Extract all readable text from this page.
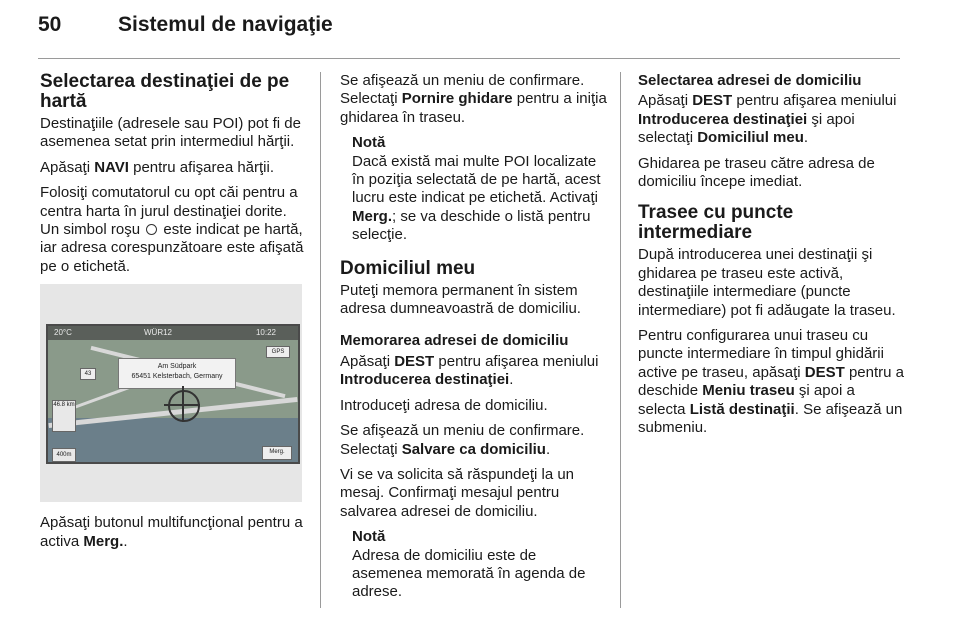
50	Sistemul de navigaţie
Selectarea destinaţiei de pe hartă

Destinaţiile (adresele sau POI) pot fi de asemenea setat prin intermediul hărţii.

Apăsaţi NAVI pentru afişarea hărţii.

Folosiţi comutatorul cu opt căi pentru a centra harta în jurul destinaţiei dorite. Un simbol roşu  este indicat pe hartă, iar adresa corespunzătoare este afişată pe o etichetă.

20°C	WÜR12	10:22
Am Südpark
65451 Kelsterbach, Germany
GPS
43
46.8 km
400m	Merg.

Apăsaţi butonul multifuncţional pentru a activa Merg..

Se afişează un meniu de confirmare. Selectaţi Pornire ghidare pentru a iniţia ghidarea în traseu.

Notă
Dacă există mai multe POI localizate în poziţia selectată de pe hartă, acest lucru este indicat pe etichetă. Activaţi Merg.; se va deschide o listă pentru selecţie.
Domiciliul meu

Puteţi memora permanent în sistem adresa dumneavoastră de domiciliu.

Memorarea adresei de domiciliu

Apăsaţi DEST pentru afişarea meniului Introducerea destinaţiei.

Introduceţi adresa de domiciliu.

Se afişează un meniu de confirmare. Selectaţi Salvare ca domiciliu.

Vi se va solicita să răspundeţi la un mesaj. Confirmaţi mesajul pentru salvarea adresei de domiciliu.

Notă
Adresa de domiciliu este de asemenea memorată în agenda de adrese.
Selectarea adresei de domiciliu

Apăsaţi DEST pentru afişarea meniului Introducerea destinaţiei şi apoi selectaţi Domiciliul meu.

Ghidarea pe traseu către adresa de domiciliu începe imediat.

Trasee cu puncte intermediare

După introducerea unei destinaţii şi ghidarea pe traseu este activă, destinaţiile intermediare (puncte intermediare) pot fi adăugate la traseu.

Pentru configurarea unui traseu cu puncte intermediare în timpul ghidării active pe traseu, apăsaţi DEST pentru a deschide Meniu traseu şi apoi a selecta Listă destinaţii. Se afişează un submeniu.
